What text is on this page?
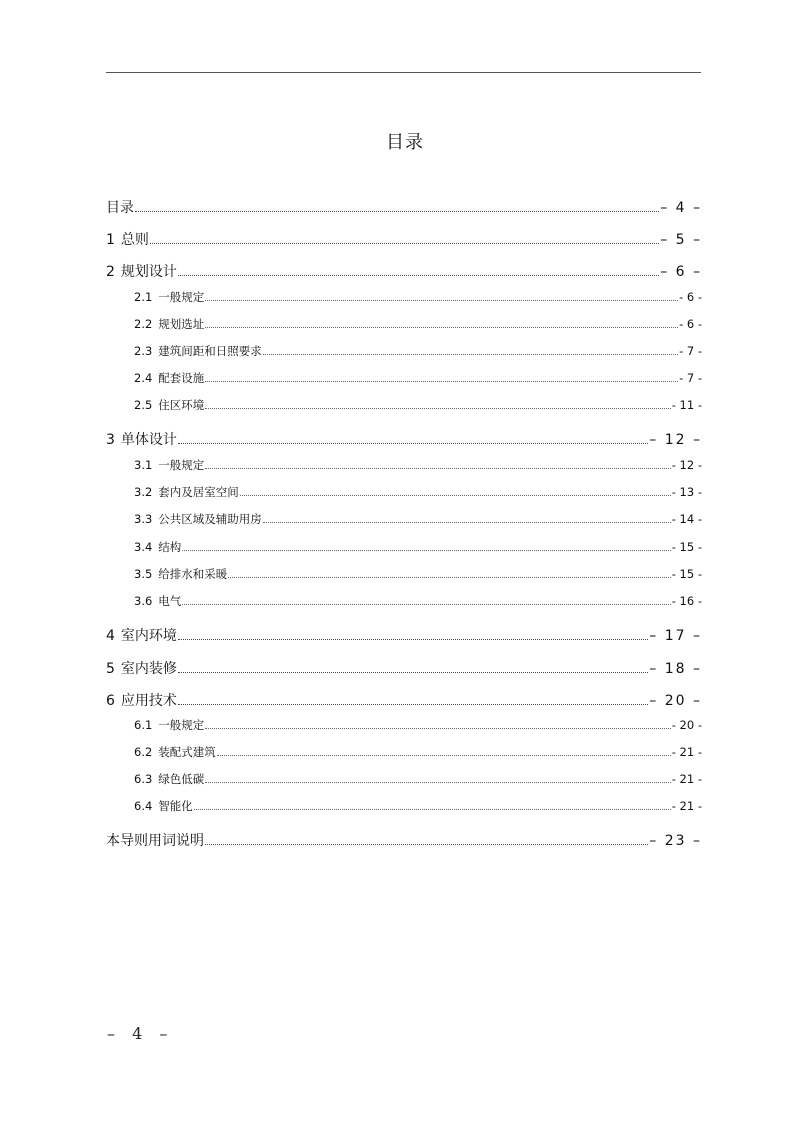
目录
目录	– 4 –
1 总则	– 5 –
2 规划设计	– 6 –
2.1 一般规定	- 6 -
2.2 规划选址	- 6 -
2.3 建筑间距和日照要求	- 7 -
2.4 配套设施	- 7 -
2.5 住区环境	- 11 -
3 单体设计	– 12 –
3.1 一般规定	- 12 -
3.2 套内及居室空间	- 13 -
3.3 公共区域及辅助用房	- 14 -
3.4 结构	- 15 -
3.5 给排水和采暖	- 15 -
3.6 电气	- 16 -
4 室内环境	– 17 –
5 室内装修	– 18 –
6 应用技术	– 20 –
6.1 一般规定	- 20 -
6.2 装配式建筑	- 21 -
6.3 绿色低碳	- 21 -
6.4 智能化	- 21 -
本导则用词说明	– 23 –
– 4 –
